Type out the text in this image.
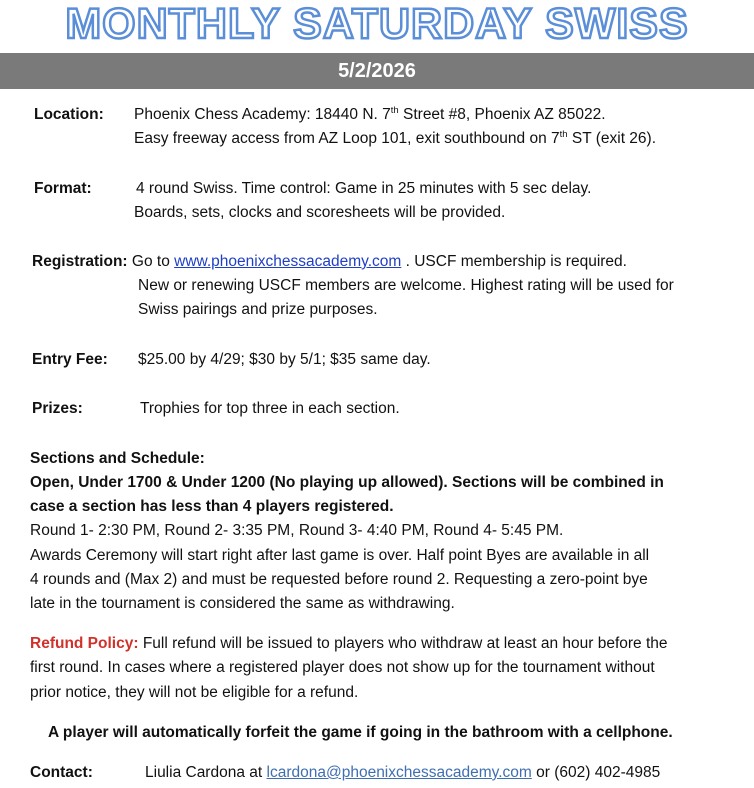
MONTHLY SATURDAY SWISS
5/2/2026
Location: Phoenix Chess Academy: 18440 N. 7th Street #8, Phoenix AZ 85022.
Easy freeway access from AZ Loop 101, exit southbound on 7th ST (exit 26).
Format:	4 round Swiss. Time control: Game in 25 minutes with 5 sec delay.
Boards, sets, clocks and scoresheets will be provided.
Registration: Go to www.phoenixchessacademy.com . USCF membership is required.
New or renewing USCF members are welcome. Highest rating will be used for
Swiss pairings and prize purposes.
Entry Fee: $25.00 by 4/29; $30 by 5/1; $35 same day.
Prizes:	Trophies for top three in each section.
Sections and Schedule:
Open, Under 1700 & Under 1200 (No playing up allowed). Sections will be combined in
case a section has less than 4 players registered.
Round 1- 2:30 PM, Round 2- 3:35 PM, Round 3- 4:40 PM, Round 4- 5:45 PM.
Awards Ceremony will start right after last game is over. Half point Byes are available in all
4 rounds and (Max 2) and must be requested before round 2. Requesting a zero-point bye
late in the tournament is considered the same as withdrawing.
Refund Policy: Full refund will be issued to players who withdraw at least an hour before the
first round. In cases where a registered player does not show up for the tournament without
prior notice, they will not be eligible for a refund.
A player will automatically forfeit the game if going in the bathroom with a cellphone.
Contact:	Liulia Cardona at lcardona@phoenixchessacademy.com or (602) 402-4985
